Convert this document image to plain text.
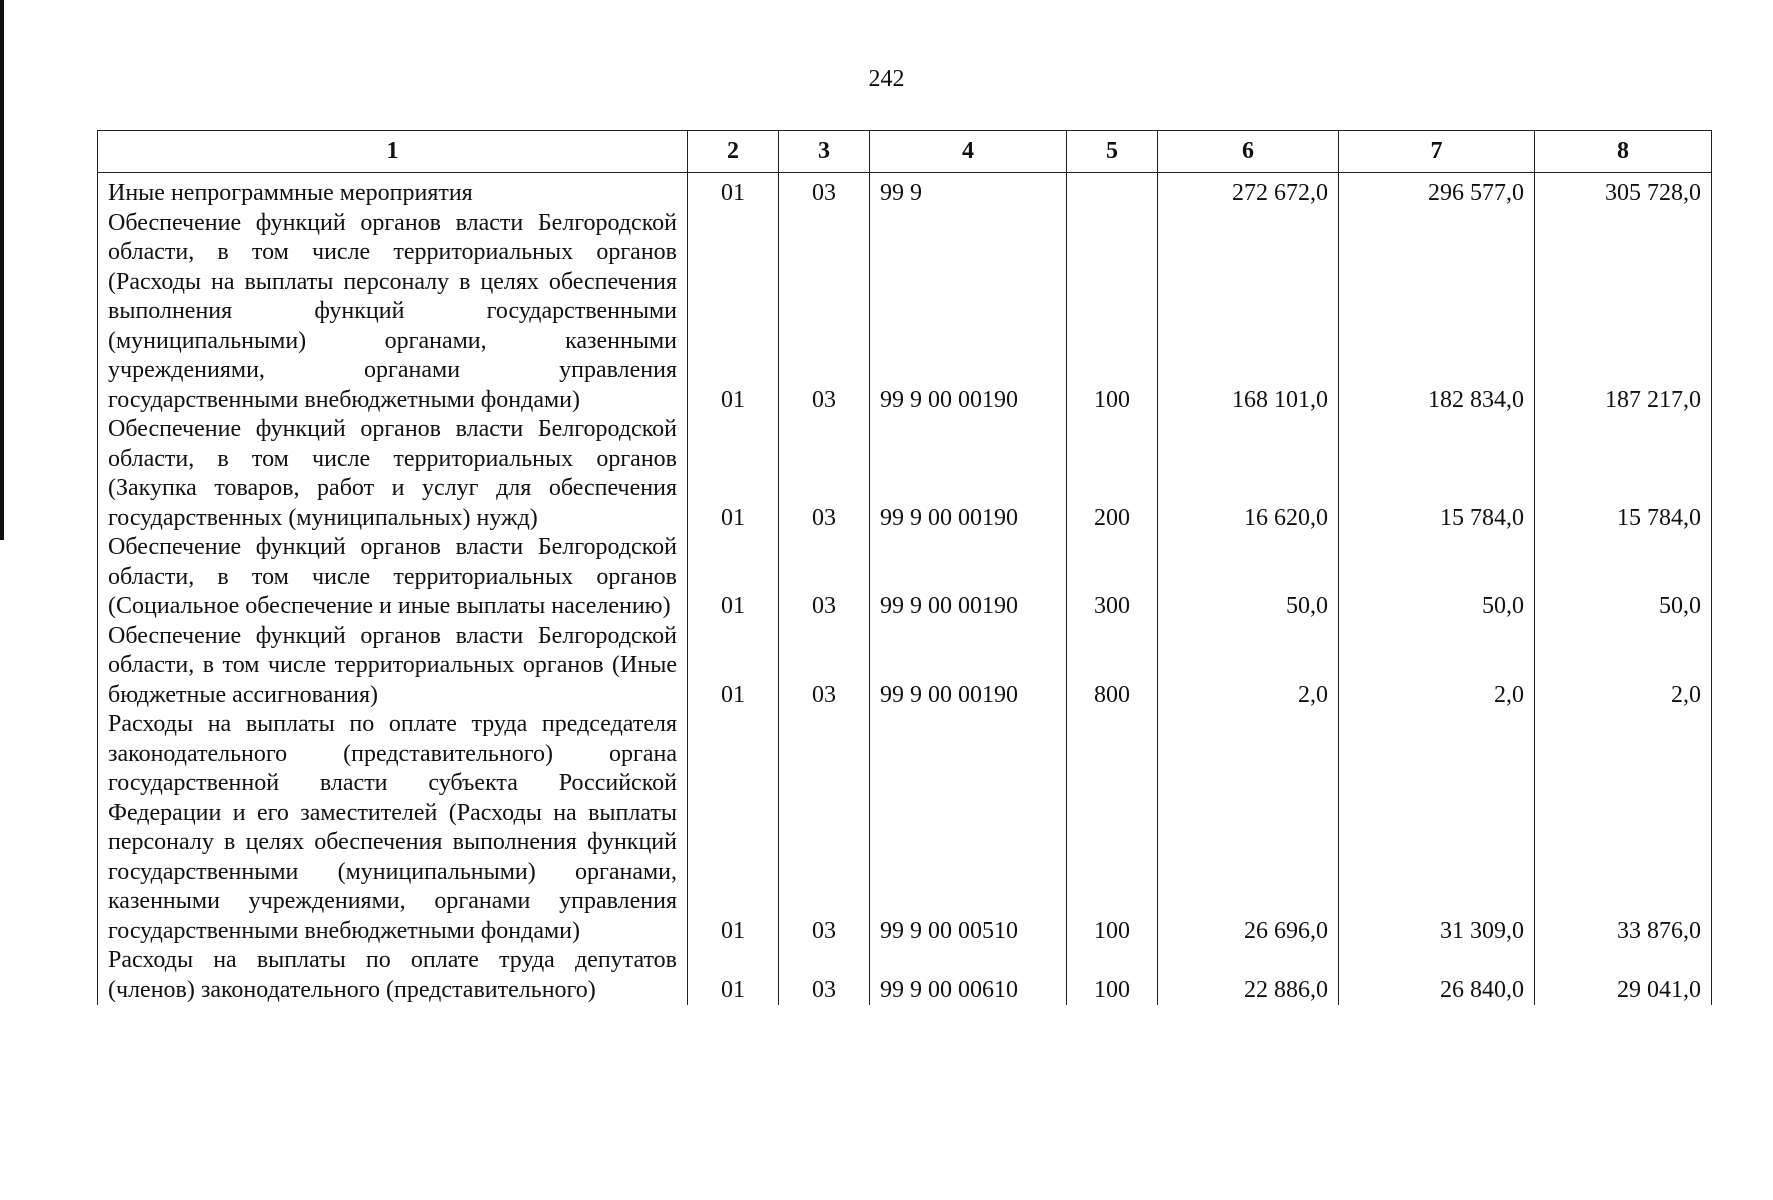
242
1	2	3	4	5	6	7	8
Иные непрограммные мероприятия	01	03	99 9		272 672,0	296 577,0	305 728,0
Обеспечение функций органов власти Белгородской области, в том числе территориальных органов (Расходы на выплаты персоналу в целях обеспечения выполнения функций государственными (муниципальными) органами, казенными учреждениями, органами управления государственными внебюджетными фондами)	01	03	99 9 00 00190	100	168 101,0	182 834,0	187 217,0
Обеспечение функций органов власти Белгородской области, в том числе территориальных органов (Закупка товаров, работ и услуг для обеспечения государственных (муниципальных) нужд)	01	03	99 9 00 00190	200	16 620,0	15 784,0	15 784,0
Обеспечение функций органов власти Белгородской области, в том числе территориальных органов (Социальное обеспечение и иные выплаты населению)	01	03	99 9 00 00190	300	50,0	50,0	50,0
Обеспечение функций органов власти Белгородской области, в том числе территориальных органов (Иные бюджетные ассигнования)	01	03	99 9 00 00190	800	2,0	2,0	2,0
Расходы на выплаты по оплате труда председателя законодательного (представительного) органа государственной власти субъекта Российской Федерации и его заместителей (Расходы на выплаты персоналу в целях обеспечения выполнения функций государственными (муниципальными) органами, казенными учреждениями, органами управления государственными внебюджетными фондами)	01	03	99 9 00 00510	100	26 696,0	31 309,0	33 876,0
Расходы на выплаты по оплате труда депутатов (членов) законодательного (представительного)	01	03	99 9 00 00610	100	22 886,0	26 840,0	29 041,0
